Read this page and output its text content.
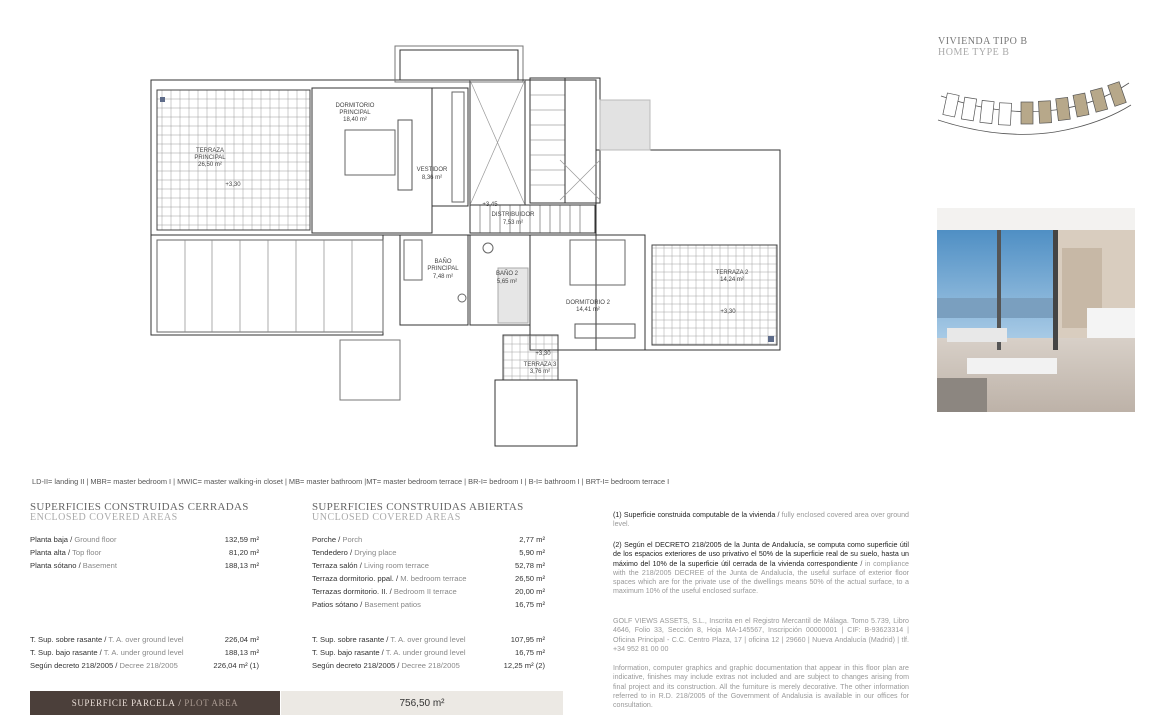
DORMITORIO
PRINCIPAL
18,40 m²
TERRAZA
PRINCIPAL
26,50 m²
+3,30
VESTIDOR
8,36 m²
+3,45
DISTRIBUIDOR
7,53 m²
BAÑO
PRINCIPAL
7,48 m²	BAÑO 2
5,65 m²
DORMITORIO 2
14,41 m²
TERRAZA 2
14,24 m²
+3,30
+3,30
TERRAZA 3
3,76 m²
VIVIENDA TIPO B
HOME TYPE B
LD-II= landing II | MBR= master bedroom I | MWIC= master walking-in closet | MB= master bathroom |MT= master bedroom terrace | BR-I= bedroom I | B-I= bathroom I | BRT-I= bedroom terrace I
SUPERFICIES CONSTRUIDAS CERRADAS
ENCLOSED COVERED AREAS
Planta baja / Ground floor	132,59 m²
Planta alta / Top floor	81,20 m²
Planta sótano / Basement	188,13 m²
T. Sup. sobre rasante / T. A. over ground level	226,04 m²
T. Sup. bajo rasante / T. A. under ground level	188,13 m²
Según decreto 218/2005 / Decree 218/2005	226,04 m² (1)
SUPERFICIES CONSTRUIDAS ABIERTAS
UNCLOSED COVERED AREAS
Porche / Porch	2,77 m²
Tendedero / Drying place	5,90 m²
Terraza salón / Living room terrace	52,78 m²
Terraza dormitorio. ppal. / M. bedroom terrace	26,50 m²
Terrazas dormitorio. II. / Bedroom II terrace	20,00 m²
Patios sótano / Basement patios	16,75 m²
T. Sup. sobre rasante / T. A. over ground level	107,95 m²
T. Sup. bajo rasante / T. A. under ground level	16,75 m²
Según decreto 218/2005 / Decree 218/2005	12,25 m² (2)
(1) Superficie construida computable de la vivienda / fully enclosed covered area over ground level.
(2) Según el DECRETO 218/2005 de la Junta de Andalucía, se computa como superficie útil de los espacios exteriores de uso privativo el 50% de la superficie real de su suelo, hasta un máximo del 10% de la superficie útil cerrada de la vivienda correspondiente / in compliance with the 218/2005 DECREE of the Junta de Andalucía, the useful surface of exterior floor spaces which are for the private use of the dwellings means 50% of the actual surface, to a maximum 10% of the useful enclosed surface.
GOLF VIEWS ASSETS, S.L., Inscrita en el Registro Mercantil de Málaga. Tomo 5.739, Libro 4646, Folio 33, Sección 8, Hoja MA-145567, Inscripción 00000001 | CIF: B-93623314 | Oficina Principal - C.C. Centro Plaza, 17 | oficina 12 | 29660 | Nueva Andalucía (Madrid) | tlf. +34 952 81 00 00
Information, computer graphics and graphic documentation that appear in this floor plan are indicative, finishes may include extras not included and are subject to changes arising from final project and its construction. All the furniture is merely decorative. The other information referred to in R.D. 218/2005 of the Government of Andalusia is available in our offices for consultation.
SUPERFICIE PARCELA / PLOT AREA	756,50 m²
